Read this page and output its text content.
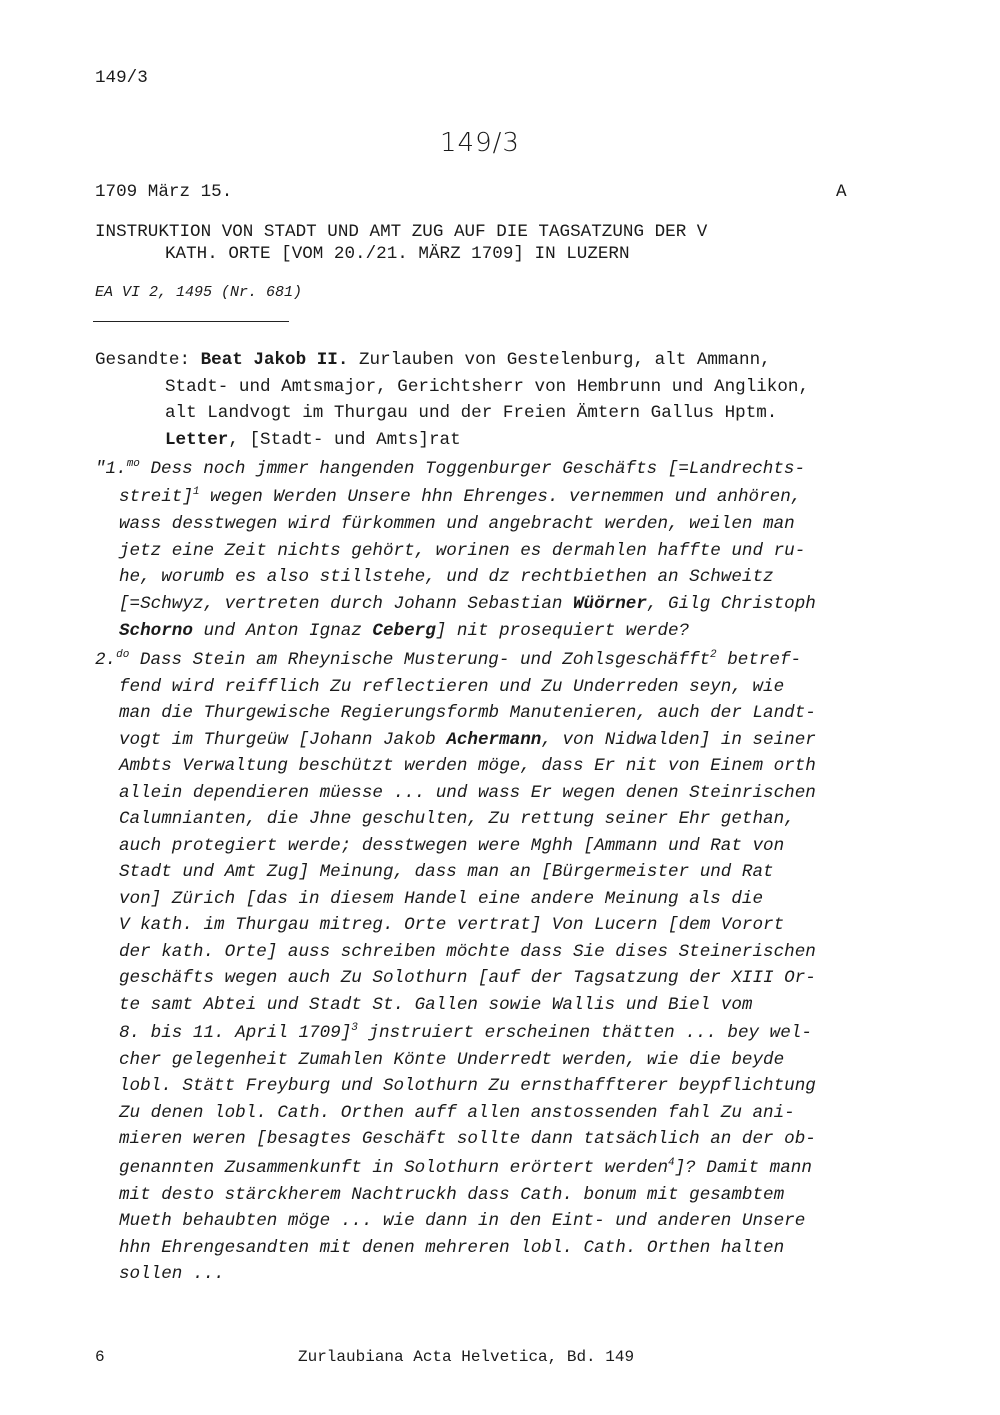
149/3
149/3
1709 März 15.	A
INSTRUKTION VON STADT UND AMT ZUG AUF DIE TAGSATZUNG DER V
KATH. ORTE [VOM 20./21. MÄRZ 1709] IN LUZERN
EA VI 2, 1495 (Nr. 681)
Gesandte: Beat Jakob II. Zurlauben von Gestelenburg, alt Ammann,
Stadt- und Amtsmajor, Gerichtsherr von Hembrunn und Anglikon,
alt Landvogt im Thurgau und der Freien Ämtern Gallus Hptm.
Letter, [Stadt- und Amts]rat
"1.$^{mo}$ Dess noch jmmer hangenden Toggenburger Geschäfts [=Landrechts-
streit]$^1$ wegen Werden Unsere hhn Ehrenges. vernemmen und anhören,
wass desstwegen wird fürkommen und angebracht werden, weilen man
jetz eine Zeit nichts gehört, worinen es dermahlen haffte und ru-
he, worumb es also stillstehe, und dz rechtbiethen an Schweitz
[=Schwyz, vertreten durch Johann Sebastian Wüörner, Gilg Christoph
Schorno und Anton Ignaz Ceberg] nit prosequiert werde?
2.$^{do}$ Dass Stein am Rheynische Musterung- und Zohlsgeschäfft$^2$ betref-
fend wird reifflich Zu reflectieren und Zu Underreden seyn, wie
man die Thurgewische Regierungsformb Manutenieren, auch der Landt-
vogt im Thurgeüw [Johann Jakob Achermann, von Nidwalden] in seiner
Ambts Verwaltung beschützt werden möge, dass Er nit von Einem orth
allein dependieren müesse ... und wass Er wegen denen Steinrischen
Calumnianten, die Jhne geschulten, Zu rettung seiner Ehr gethan,
auch protegiert werde; desstwegen were Mghh [Ammann und Rat von
Stadt und Amt Zug] Meinung, dass man an [Bürgermeister und Rat
von] Zürich [das in diesem Handel eine andere Meinung als die
V kath. im Thurgau mitreg. Orte vertrat] Von Lucern [dem Vorort
der kath. Orte] auss schreiben möchte dass Sie dises Steinerischen
geschäfts wegen auch Zu Solothurn [auf der Tagsatzung der XIII Or-
te samt Abtei und Stadt St. Gallen sowie Wallis und Biel vom
8. bis 11. April 1709]$^3$ jnstruiert erscheinen thätten ... bey wel-
cher gelegenheit Zumahlen Könte Underredt werden, wie die beyde
lobl. Stätt Freyburg und Solothurn Zu ernsthaffterer beypflichtung
Zu denen lobl. Cath. Orthen auff allen anstossenden fahl Zu ani-
mieren weren [besagtes Geschäft sollte dann tatsächlich an der ob-
genannten Zusammenkunft in Solothurn erörtert werden$^4$]? Damit mann
mit desto stärckherem Nachtruckh dass Cath. bonum mit gesambtem
Mueth behaubten möge ... wie dann in den Eint- und anderen Unsere
hhn Ehrengesandten mit denen mehreren lobl. Cath. Orthen halten
sollen ...
6	Zurlaubiana Acta Helvetica, Bd. 149
